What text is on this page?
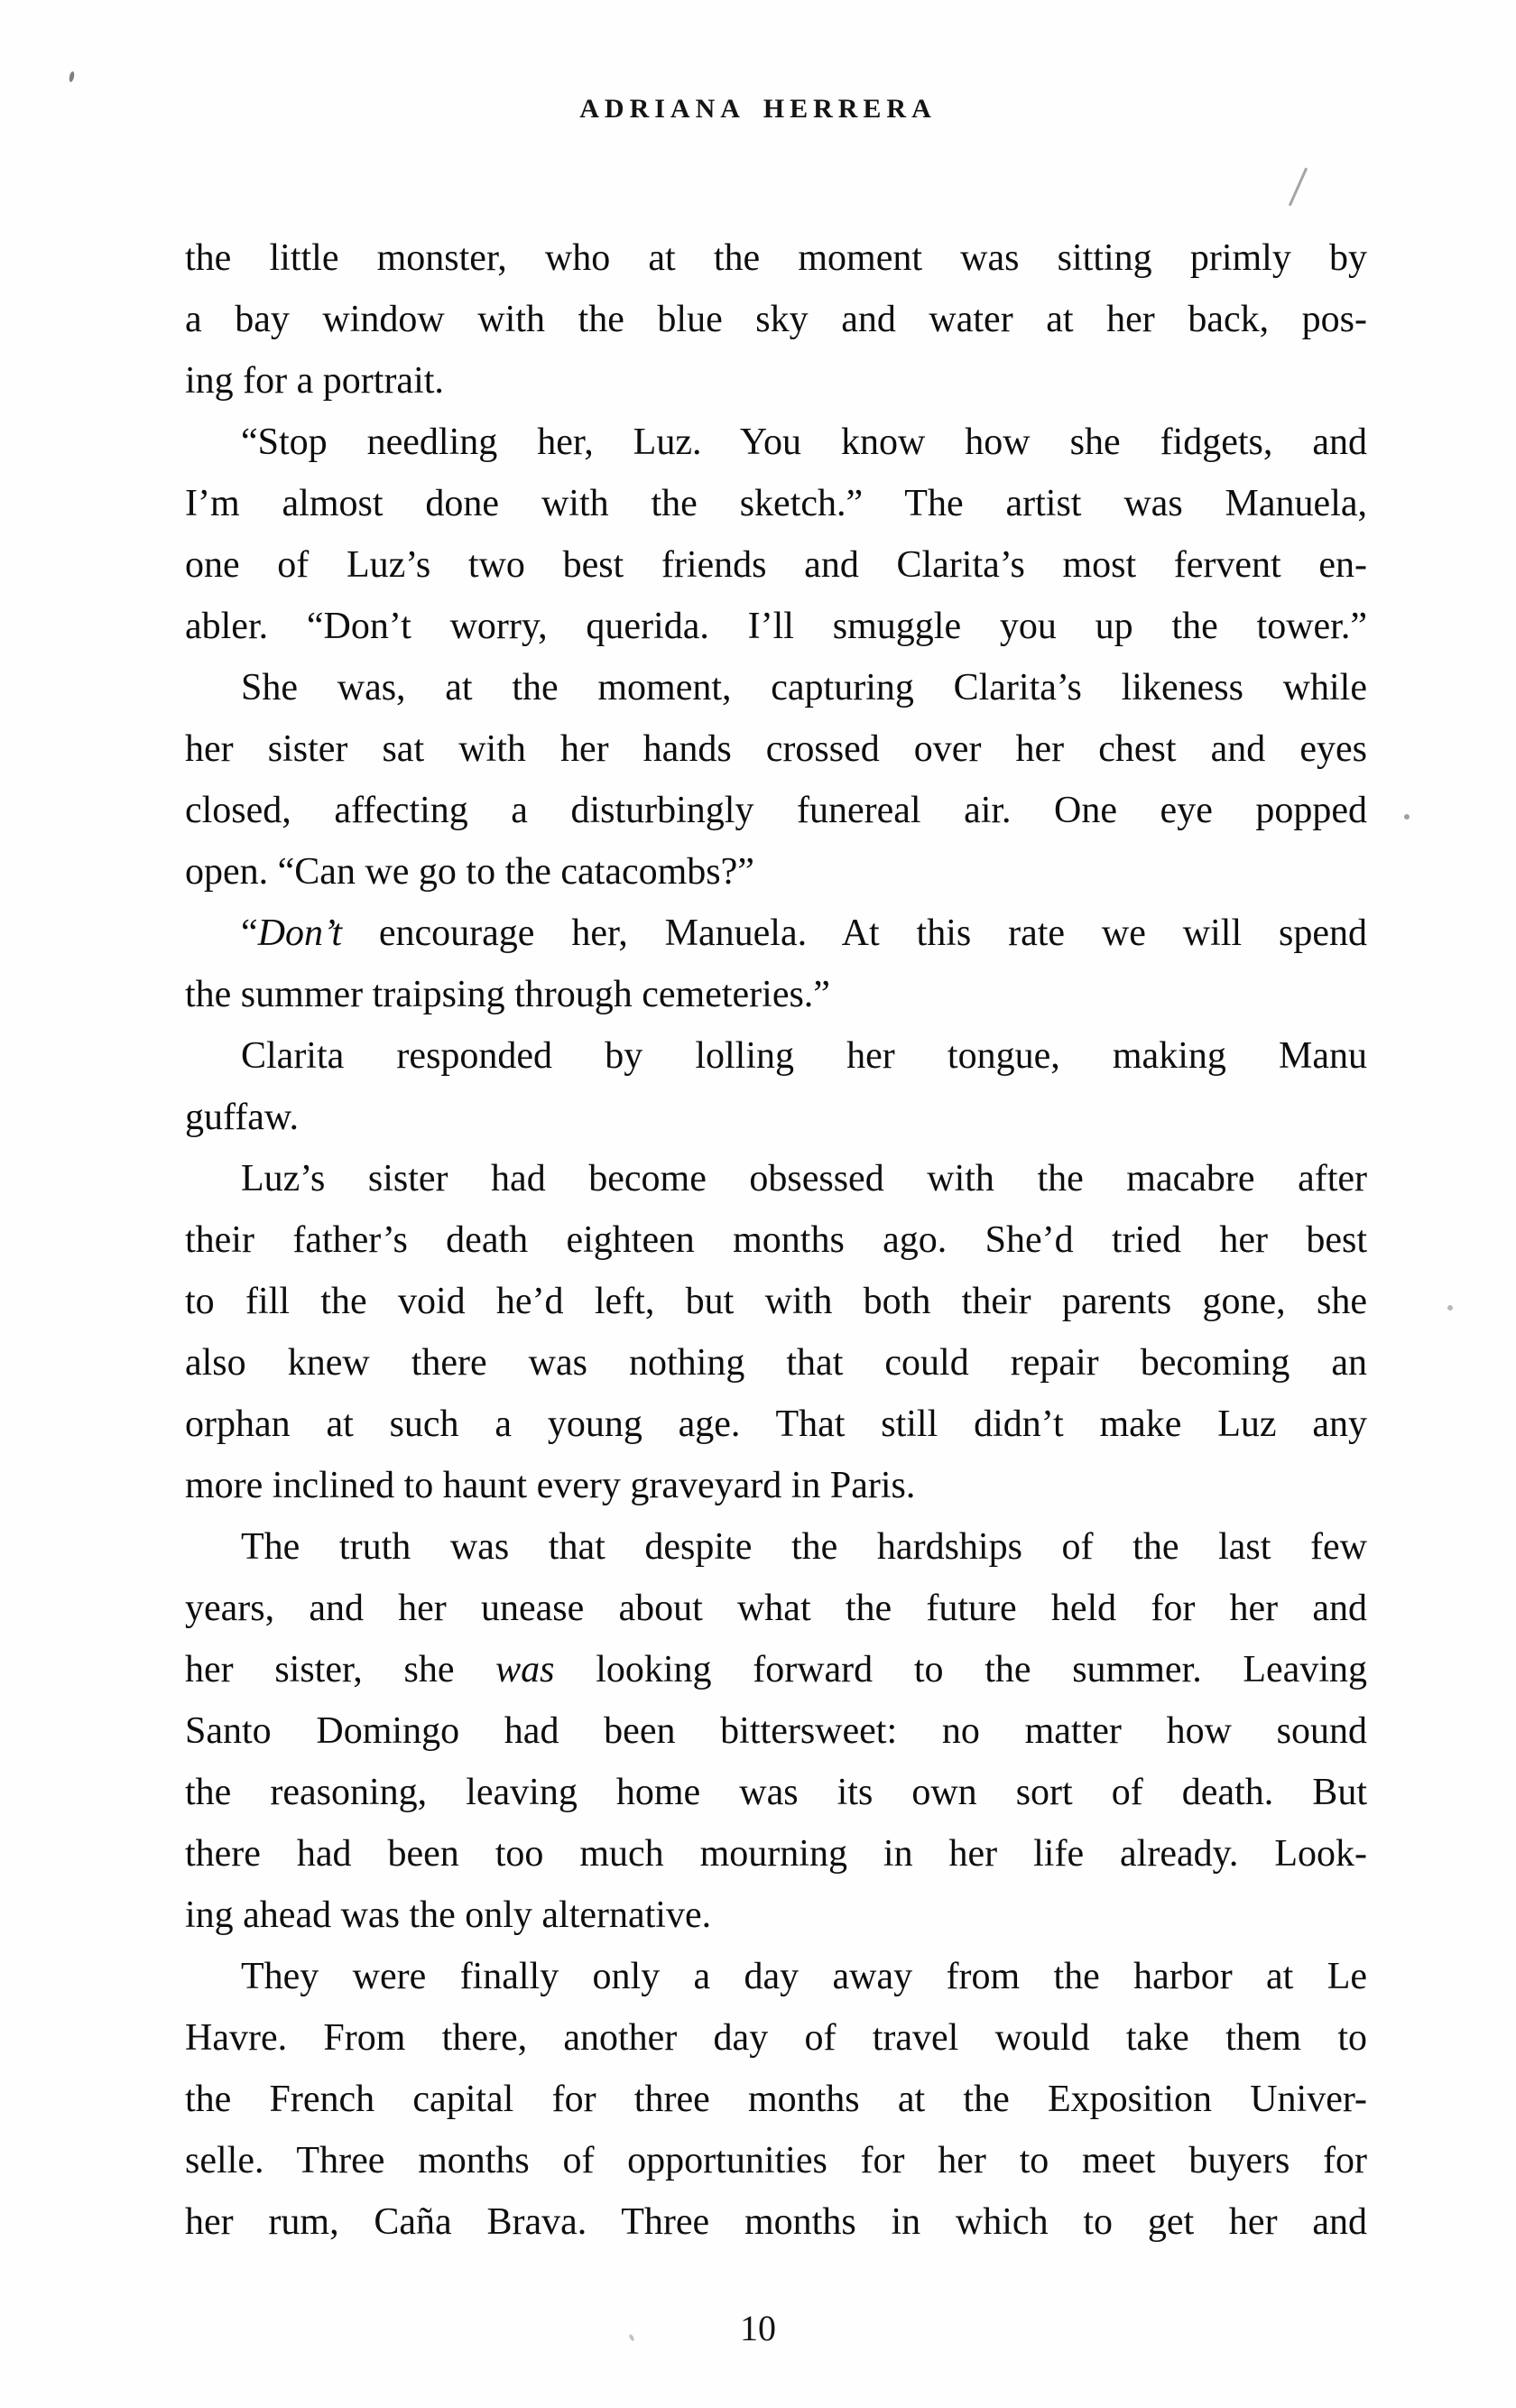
ADRIANA HERRERA
the little monster, who at the moment was sitting primly by
a bay window with the blue sky and water at her back, pos-
ing for a portrait.
“Stop needling her, Luz. You know how she fidgets, and
I’m almost done with the sketch.” The artist was Manuela,
one of Luz’s two best friends and Clarita’s most fervent en-
abler. “Don’t worry, querida. I’ll smuggle you up the tower.”
She was, at the moment, capturing Clarita’s likeness while
her sister sat with her hands crossed over her chest and eyes
closed, affecting a disturbingly funereal air. One eye popped
open. “Can we go to the catacombs?”
“Don’t encourage her, Manuela. At this rate we will spend
the summer traipsing through cemeteries.”
Clarita responded by lolling her tongue, making Manu
guffaw.
Luz’s sister had become obsessed with the macabre after
their father’s death eighteen months ago. She’d tried her best
to fill the void he’d left, but with both their parents gone, she
also knew there was nothing that could repair becoming an
orphan at such a young age. That still didn’t make Luz any
more inclined to haunt every graveyard in Paris.
The truth was that despite the hardships of the last few
years, and her unease about what the future held for her and
her sister, she was looking forward to the summer. Leaving
Santo Domingo had been bittersweet: no matter how sound
the reasoning, leaving home was its own sort of death. But
there had been too much mourning in her life already. Look-
ing ahead was the only alternative.
They were finally only a day away from the harbor at Le
Havre. From there, another day of travel would take them to
the French capital for three months at the Exposition Univer-
selle. Three months of opportunities for her to meet buyers for
her rum, Caña Brava. Three months in which to get her and
10
